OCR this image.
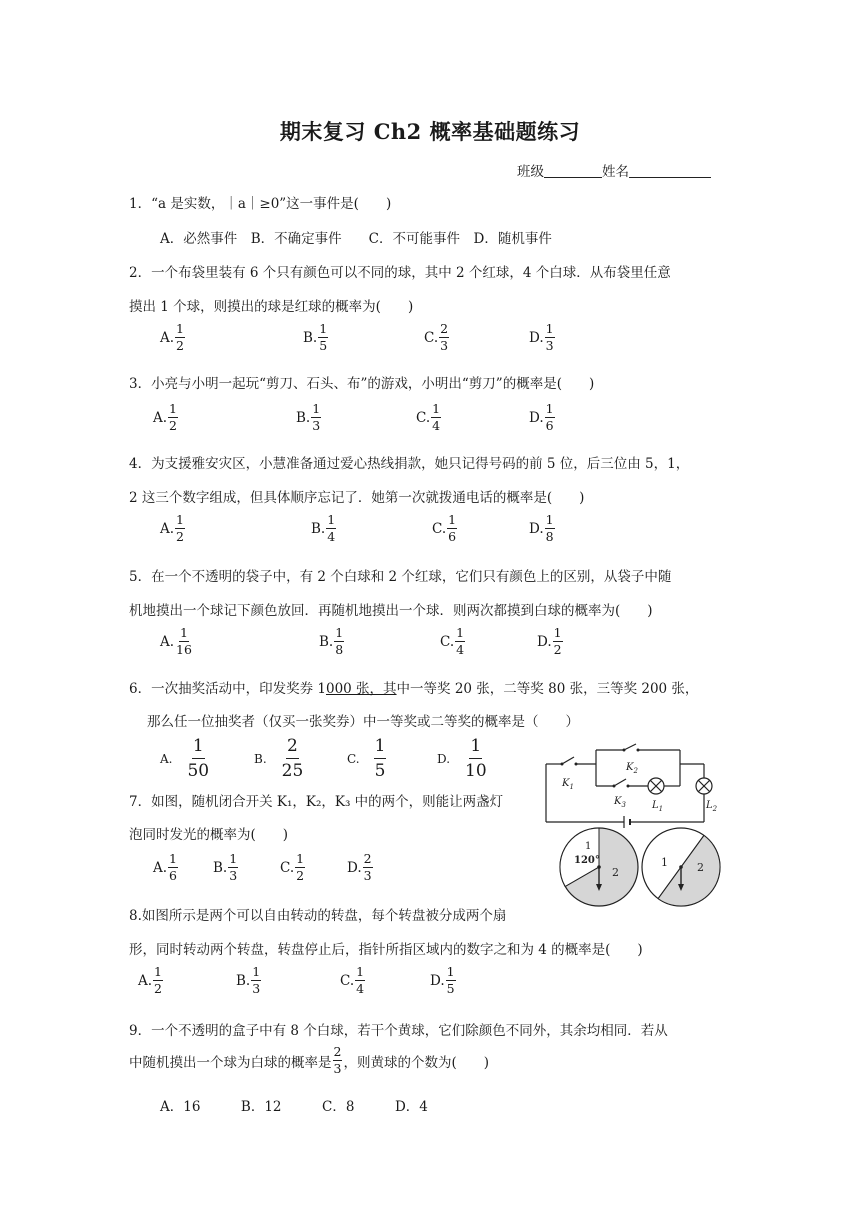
期末复习 Ch2 概率基础题练习
班级	姓名
1．“a 是实数，｜a｜≥0”这一事件是(　　)
A．必然事件　B．不确定事件　　C．不可能事件　D．随机事件
2．一个布袋里装有 6 个只有颜色可以不同的球，其中 2 个红球，4 个白球．从布袋里任意
摸出 1 个球，则摸出的球是红球的概率为(　　)
A. $\frac{1}{2}$	B. $\frac{1}{5}$	C. $\frac{2}{3}$	D. $\frac{1}{3}$
3．小亮与小明一起玩“剪刀、石头、布”的游戏，小明出“剪刀”的概率是(　　)
A. $\frac{1}{2}$	B. $\frac{1}{3}$	C. $\frac{1}{4}$	D. $\frac{1}{6}$
4．为支援雅安灾区，小慧准备通过爱心热线捐款，她只记得号码的前 5 位，后三位由 5，1，
2 这三个数字组成，但具体顺序忘记了．她第一次就拨通电话的概率是(　　)
A. $\frac{1}{2}$	B. $\frac{1}{4}$	C. $\frac{1}{6}$	D. $\frac{1}{8}$
5．在一个不透明的袋子中，有 2 个白球和 2 个红球，它们只有颜色上的区别，从袋子中随
机地摸出一个球记下颜色放回．再随机地摸出一个球．则两次都摸到白球的概率为(　　)
A. $\frac{1}{16}$	B. $\frac{1}{8}$	C. $\frac{1}{4}$	D. $\frac{1}{2}$
6．一次抽奖活动中，印发奖券 1000 张，其中一等奖 20 张，二等奖 80 张，三等奖 200 张，
那么任一位抽奖者（仅买一张奖券）中一等奖或二等奖的概率是（　　）
A. $\frac{1}{50}$	B. $\frac{2}{25}$	C. $\frac{1}{5}$	D. $\frac{1}{10}$
7．如图，随机闭合开关 K₁，K₂，K₃ 中的两个，则能让两盏灯
泡同时发光的概率为(　　)
A. $\frac{1}{6}$	B. $\frac{1}{3}$	C. $\frac{1}{2}$	D. $\frac{2}{3}$
8.如图所示是两个可以自由转动的转盘，每个转盘被分成两个扇
形，同时转动两个转盘，转盘停止后，指针所指区域内的数字之和为 4 的概率是(　　)
A. $\frac{1}{2}$	B. $\frac{1}{3}$	C. $\frac{1}{4}$	D. $\frac{1}{5}$
9．一个不透明的盒子中有 8 个白球，若干个黄球，它们除颜色不同外，其余均相同．若从
中随机摸出一个球为白球的概率是 $\frac{2}{3}$ ，则黄球的个数为(　　)
A．16　　　B．12　　　C．8　　　D．4
$K_1$
$K_2$
$K_3$	$L_1$	$L_2$
1
120°
2
1	2
